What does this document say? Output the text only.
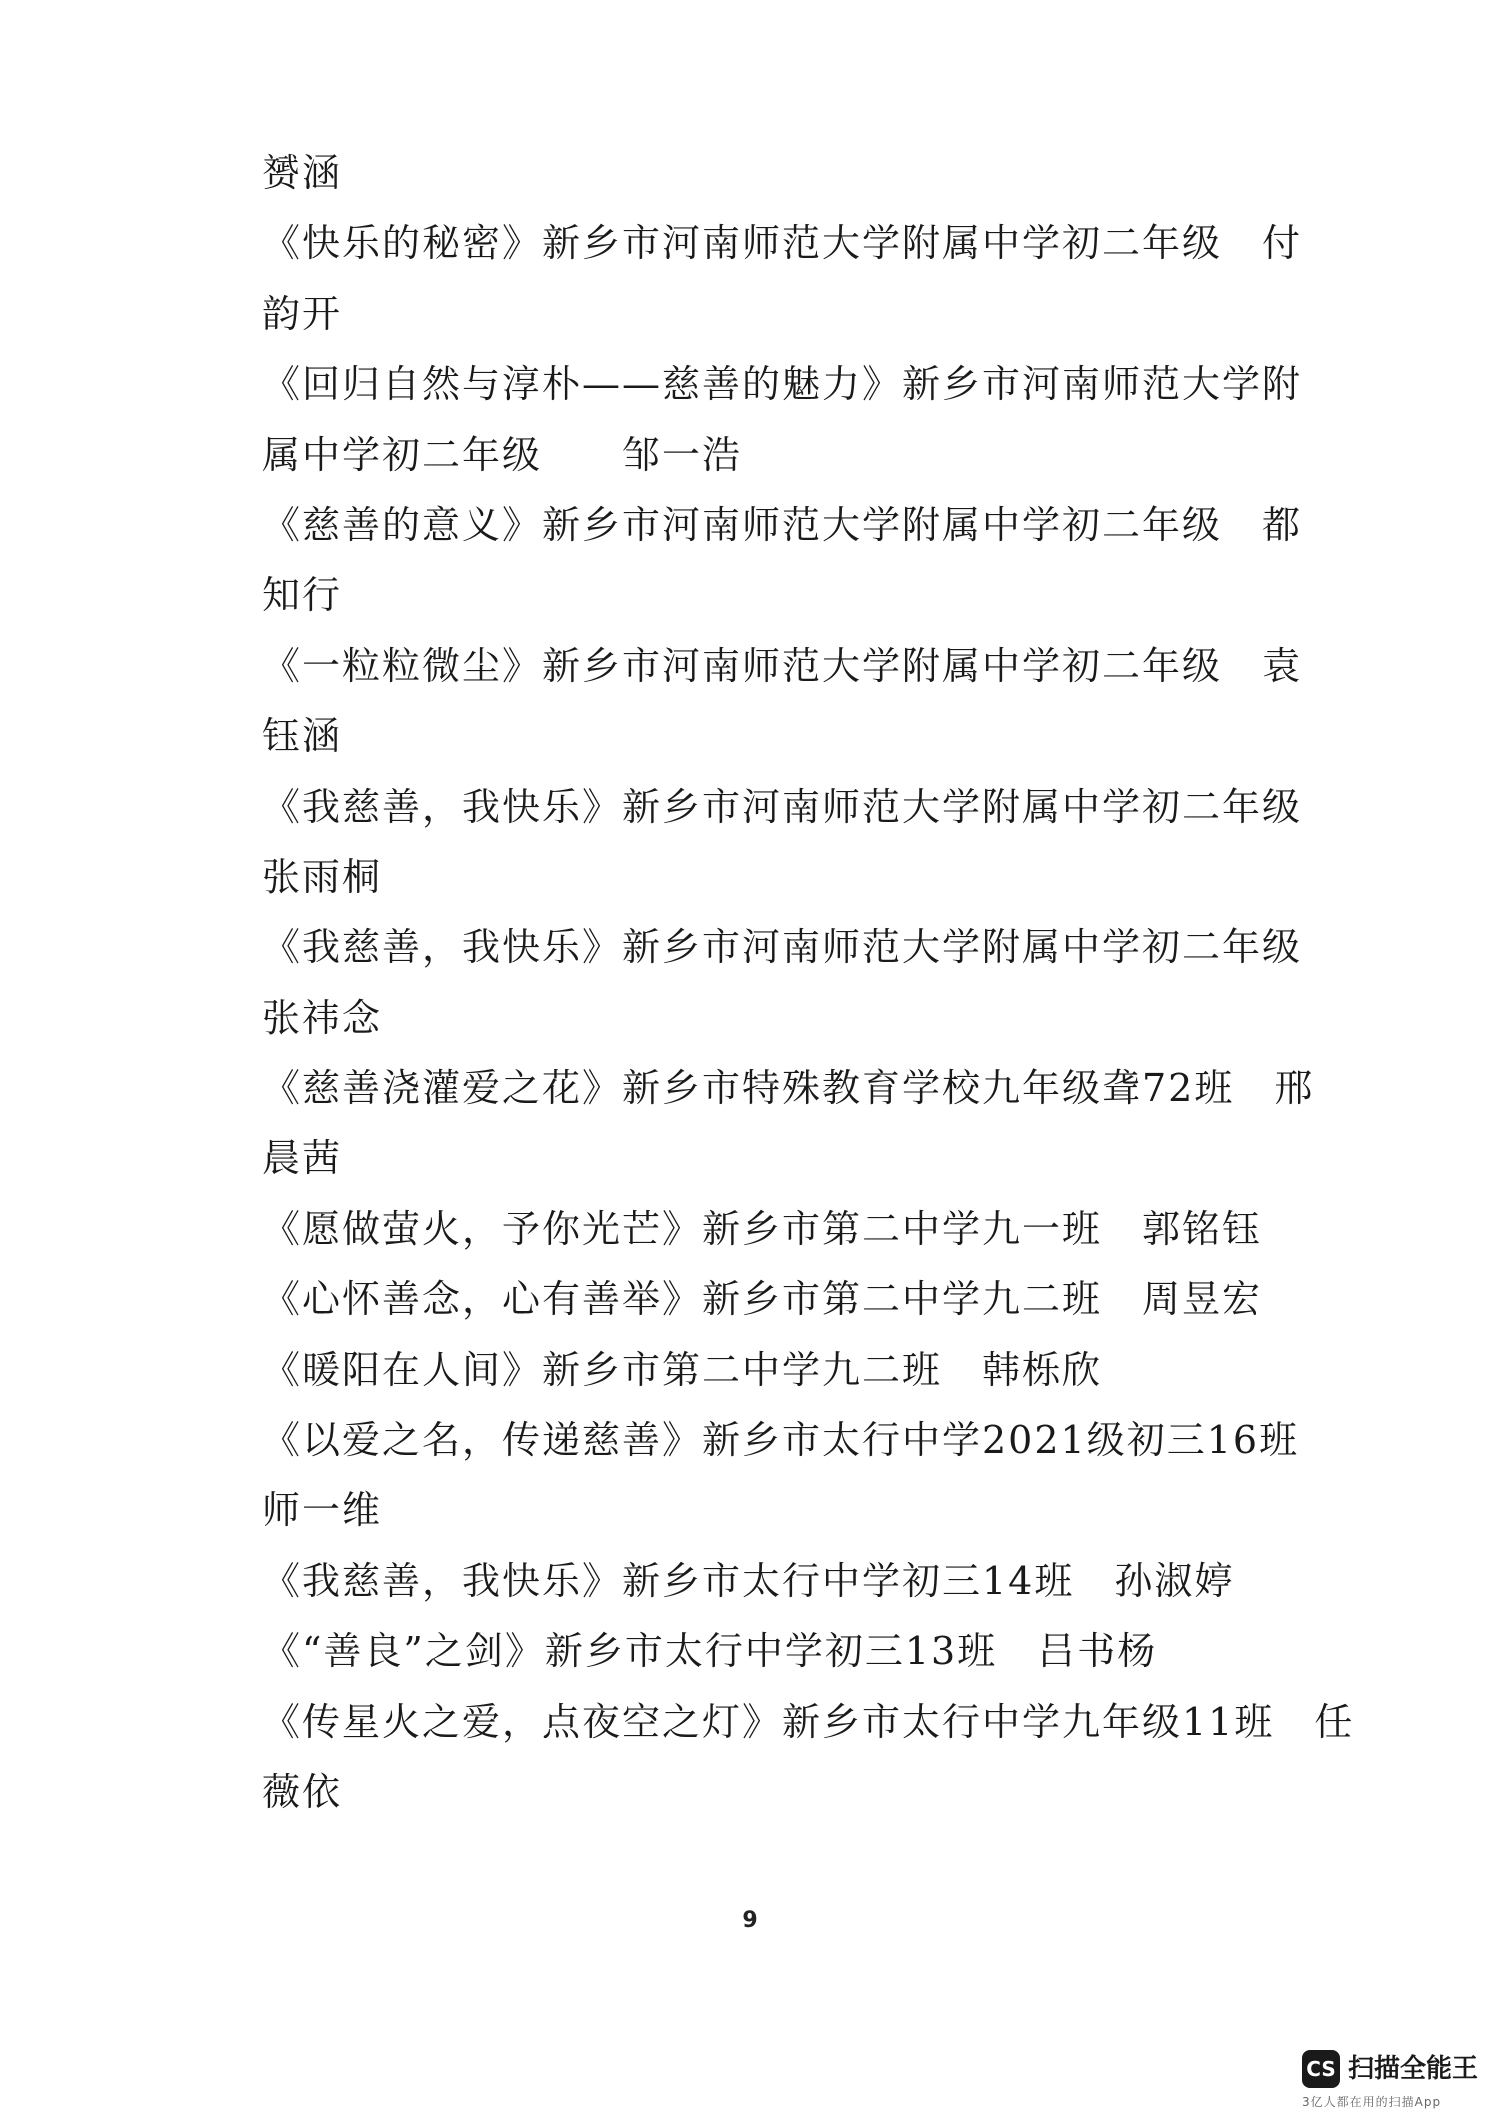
赟涵
《快乐的秘密》新乡市河南师范大学附属中学初二年级　付
韵开
《回归自然与淳朴——慈善的魅力》新乡市河南师范大学附
属中学初二年级　　邹一浩
《慈善的意义》新乡市河南师范大学附属中学初二年级　都
知行
《一粒粒微尘》新乡市河南师范大学附属中学初二年级　袁
钰涵
《我慈善，我快乐》新乡市河南师范大学附属中学初二年级
张雨桐
《我慈善，我快乐》新乡市河南师范大学附属中学初二年级
张祎念
《慈善浇灌爱之花》新乡市特殊教育学校九年级聋72班　邢
晨茜
《愿做萤火，予你光芒》新乡市第二中学九一班　郭铭钰
《心怀善念，心有善举》新乡市第二中学九二班　周昱宏
《暖阳在人间》新乡市第二中学九二班　韩栎欣
《以爱之名，传递慈善》新乡市太行中学2021级初三16班
师一维
《我慈善，我快乐》新乡市太行中学初三14班　孙淑婷
《“善良”之剑》新乡市太行中学初三13班　吕书杨
《传星火之爱，点夜空之灯》新乡市太行中学九年级11班　任
薇依
9
CS 扫描全能王
3亿人都在用的扫描App
